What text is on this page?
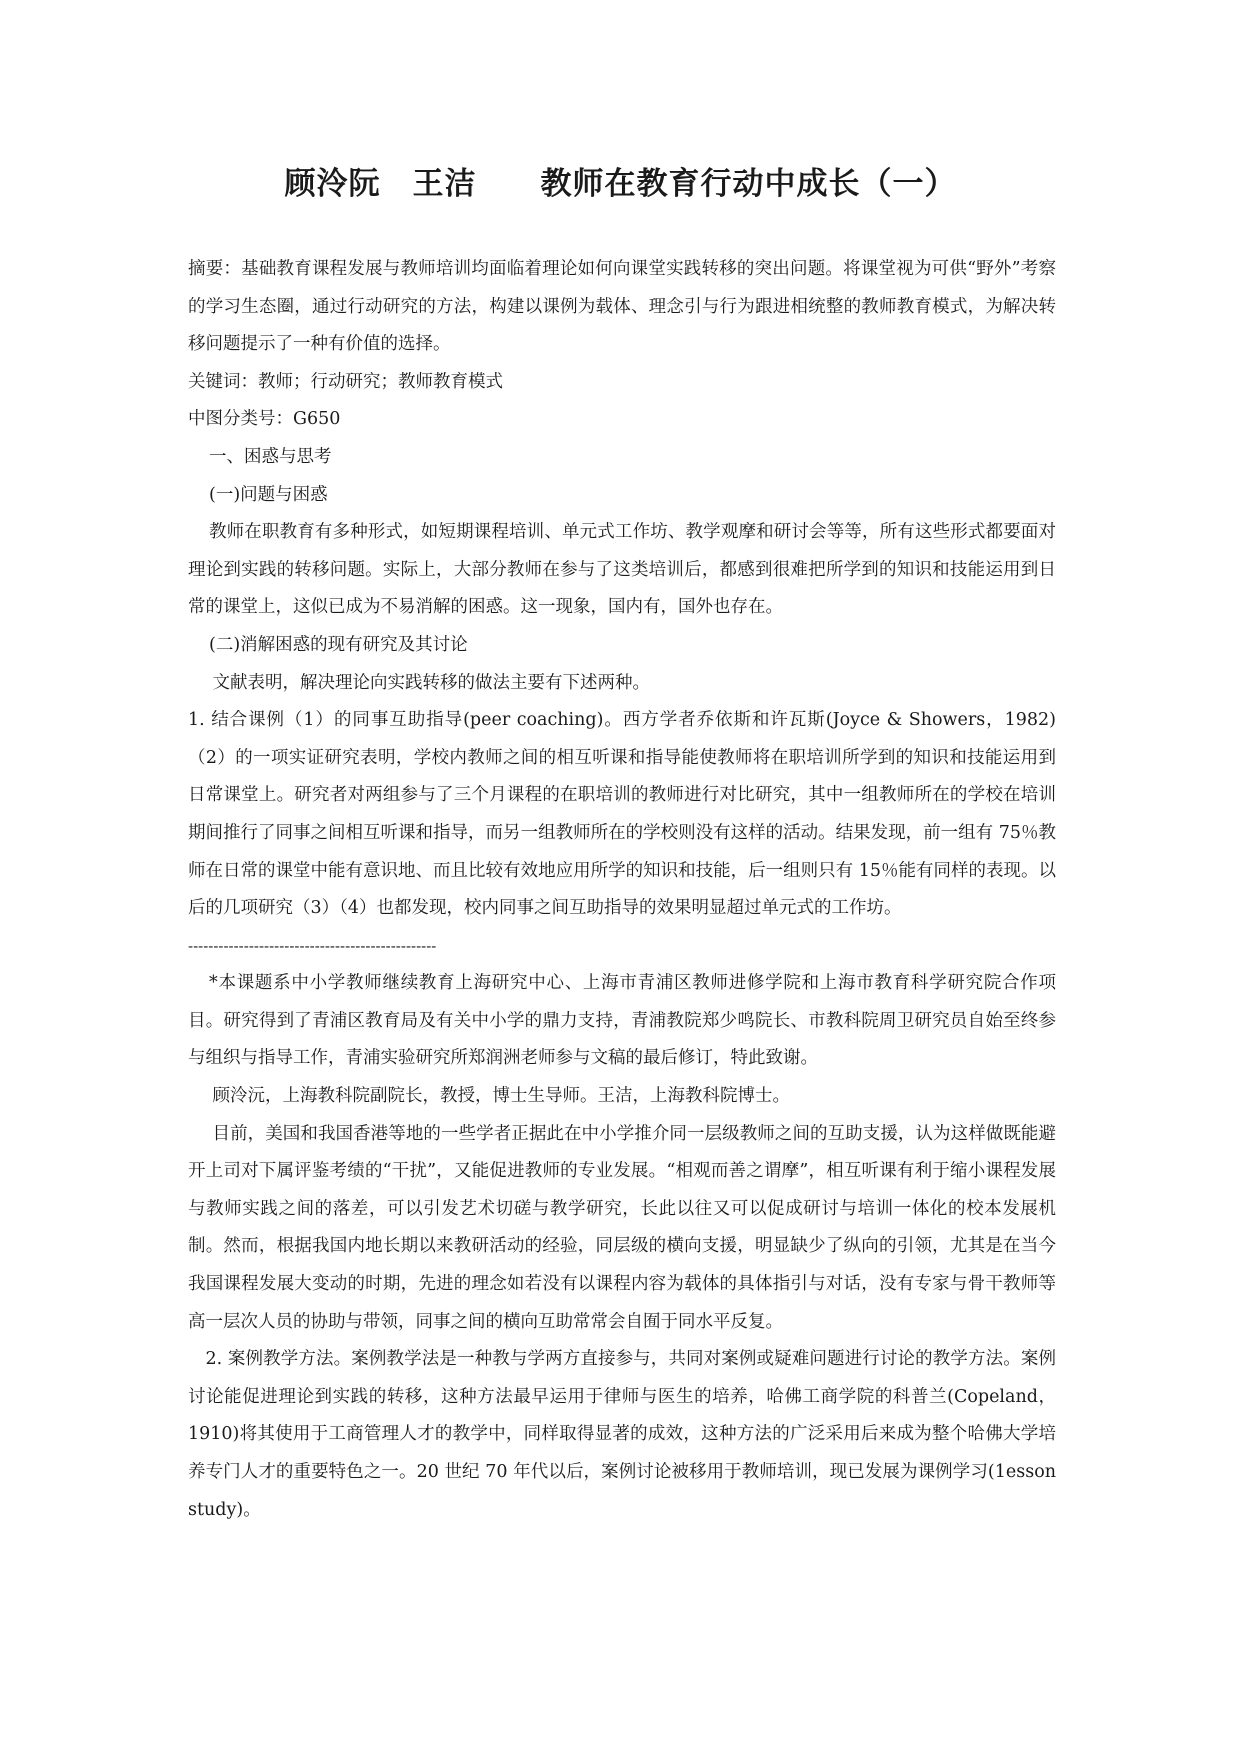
顾泠阮　王洁　　教师在教育行动中成长（一）

摘要：基础教育课程发展与教师培训均面临着理论如何向课堂实践转移的突出问题。将课堂视为可供“野外”考察的学习生态圈，通过行动研究的方法，构建以课例为载体、理念引与行为跟进相统整的教师教育模式，为解决转移问题提示了一种有价值的选择。

关键词：教师；行动研究；教师教育模式

中图分类号：G650

一、困惑与思考

(一)问题与困惑

教师在职教育有多种形式，如短期课程培训、单元式工作坊、教学观摩和研讨会等等，所有这些形式都要面对理论到实践的转移问题。实际上，大部分教师在参与了这类培训后，都感到很难把所学到的知识和技能运用到日常的课堂上，这似已成为不易消解的困惑。这一现象，国内有，国外也存在。

(二)消解困惑的现有研究及其讨论

文献表明，解决理论向实践转移的做法主要有下述两种。

1. 结合课例（1）的同事互助指导(peer coaching)。西方学者乔依斯和许瓦斯(Joyce & Showers，1982)（2）的一项实证研究表明，学校内教师之间的相互听课和指导能使教师将在职培训所学到的知识和技能运用到日常课堂上。研究者对两组参与了三个月课程的在职培训的教师进行对比研究，其中一组教师所在的学校在培训期间推行了同事之间相互听课和指导，而另一组教师所在的学校则没有这样的活动。结果发现，前一组有 75％教师在日常的课堂中能有意识地、而且比较有效地应用所学的知识和技能，后一组则只有 15％能有同样的表现。以后的几项研究（3）（4）也都发现，校内同事之间互助指导的效果明显超过单元式的工作坊。

-------------------------------------------------

*本课题系中小学教师继续教育上海研究中心、上海市青浦区教师进修学院和上海市教育科学研究院合作项目。研究得到了青浦区教育局及有关中小学的鼎力支持，青浦教院郑少鸣院长、市教科院周卫研究员自始至终参与组织与指导工作，青浦实验研究所郑润洲老师参与文稿的最后修订，特此致谢。

顾泠沅，上海教科院副院长，教授，博士生导师。王洁，上海教科院博士。

目前，美国和我国香港等地的一些学者正据此在中小学推介同一层级教师之间的互助支援，认为这样做既能避开上司对下属评鉴考绩的“干扰”，又能促进教师的专业发展。“相观而善之谓摩”，相互听课有利于缩小课程发展与教师实践之间的落差，可以引发艺术切磋与教学研究，长此以往又可以促成研讨与培训一体化的校本发展机制。然而，根据我国内地长期以来教研活动的经验，同层级的横向支援，明显缺少了纵向的引领，尤其是在当今我国课程发展大变动的时期，先进的理念如若没有以课程内容为载体的具体指引与对话，没有专家与骨干教师等高一层次人员的协助与带领，同事之间的横向互助常常会自囿于同水平反复。

2. 案例教学方法。案例教学法是一种教与学两方直接参与，共同对案例或疑难问题进行讨论的教学方法。案例讨论能促进理论到实践的转移，这种方法最早运用于律师与医生的培养，哈佛工商学院的科普兰(Copeland，1910)将其使用于工商管理人才的教学中，同样取得显著的成效，这种方法的广泛采用后来成为整个哈佛大学培养专门人才的重要特色之一。20 世纪 70 年代以后，案例讨论被移用于教师培训，现已发展为课例学习(1esson study)。
